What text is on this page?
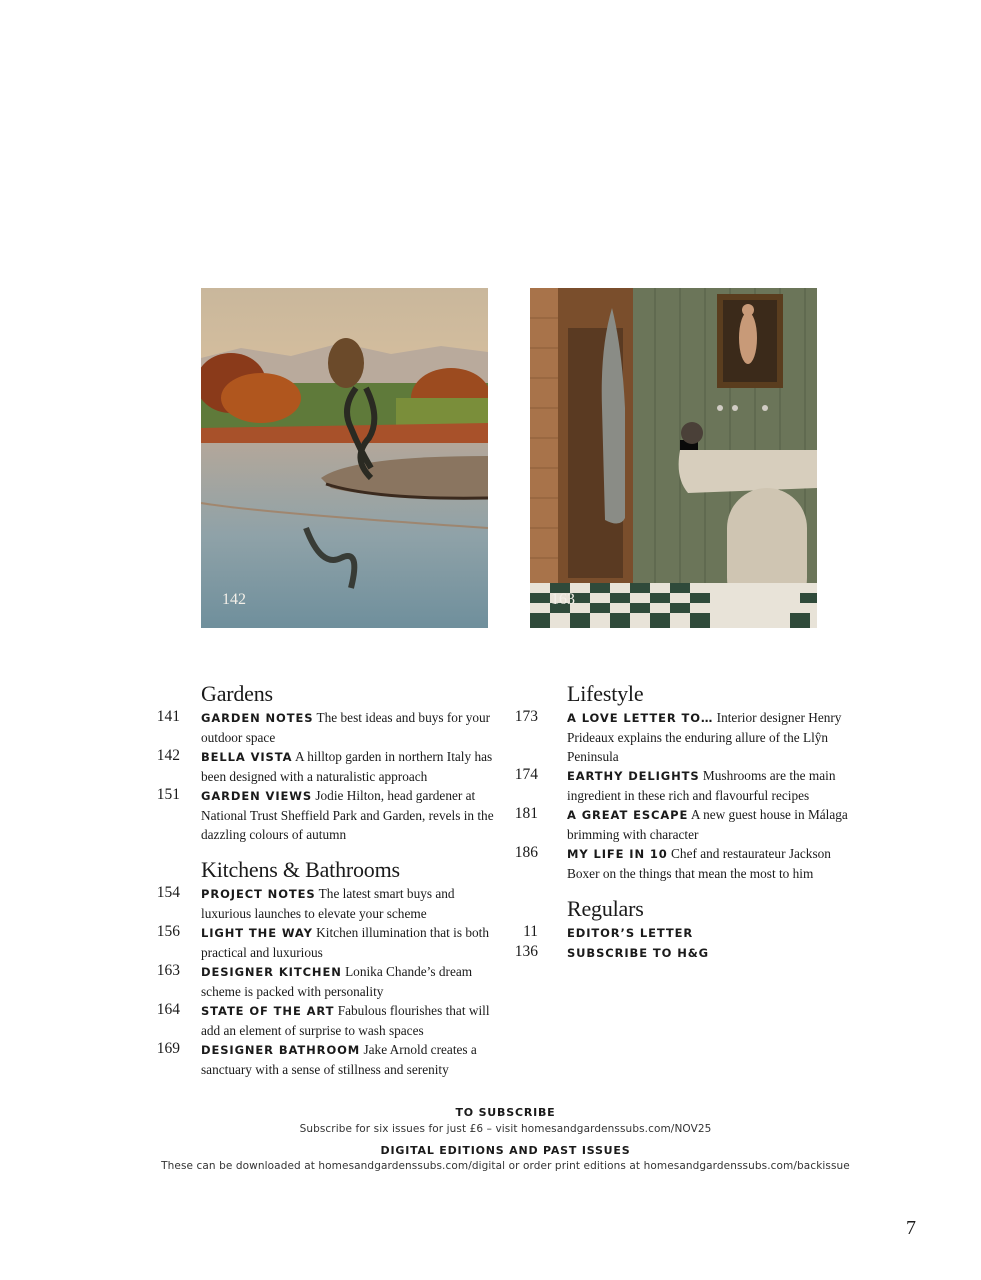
142	163
Gardens
141 GARDEN NOTES The best ideas and buys for your outdoor space
142 BELLA VISTA A hilltop garden in northern Italy has been designed with a naturalistic approach
151 GARDEN VIEWS Jodie Hilton, head gardener at National Trust Sheffield Park and Garden, revels in the dazzling colours of autumn
Kitchens & Bathrooms
154 PROJECT NOTES The latest smart buys and luxurious launches to elevate your scheme
156 LIGHT THE WAY Kitchen illumination that is both practical and luxurious
163 DESIGNER KITCHEN Lonika Chande’s dream scheme is packed with personality
164 STATE OF THE ART Fabulous flourishes that will add an element of surprise to wash spaces
169 DESIGNER BATHROOM Jake Arnold creates a sanctuary with a sense of stillness and serenity
Lifestyle
173	A LOVE LETTER TO… Interior designer Henry Prideaux explains the enduring allure of the Llŷn Peninsula
174	EARTHY DELIGHTS Mushrooms are the main ingredient in these rich and flavourful recipes
181	A GREAT ESCAPE A new guest house in Málaga brimming with character
186	MY LIFE IN 10 Chef and restaurateur Jackson Boxer on the things that mean the most to him
Regulars
11	EDITOR’S LETTER
136	SUBSCRIBE TO H&G
TO SUBSCRIBE
Subscribe for six issues for just £6 – visit homesandgardenssubs.com/NOV25
DIGITAL EDITIONS AND PAST ISSUES
These can be downloaded at homesandgardenssubs.com/digital or order print editions at homesandgardenssubs.com/backissue
7
